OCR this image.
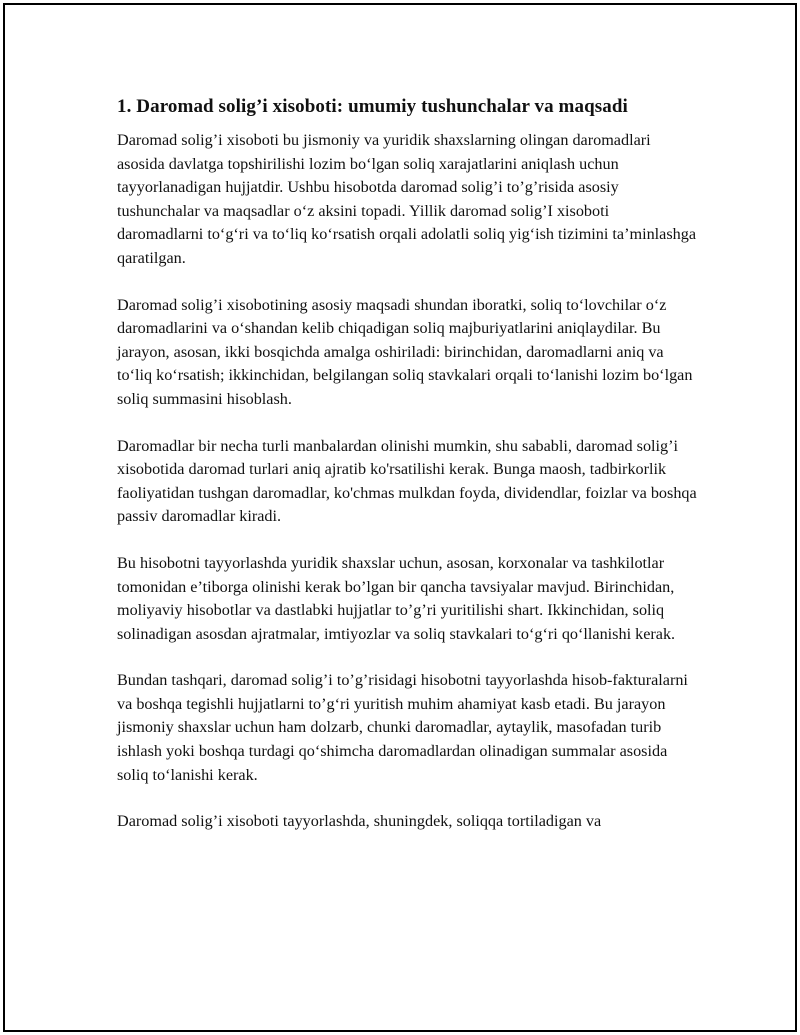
1. Daromad solig’i xisoboti: umumiy tushunchalar va maqsadi

Daromad solig’i xisoboti bu jismoniy va yuridik shaxslarning olingan daromadlari asosida davlatga topshirilishi lozim bo‘lgan soliq xarajatlarini aniqlash uchun tayyorlanadigan hujjatdir. Ushbu hisobotda daromad solig’i to’g’risida asosiy tushunchalar va maqsadlar o‘z aksini topadi. Yillik daromad solig’I xisoboti daromadlarni to‘g‘ri va to‘liq ko‘rsatish orqali adolatli soliq yig‘ish tizimini ta’minlashga qaratilgan.

Daromad solig’i xisobotining asosiy maqsadi shundan iboratki, soliq to‘lovchilar o‘z daromadlarini va o‘shandan kelib chiqadigan soliq majburiyatlarini aniqlaydilar. Bu jarayon, asosan, ikki bosqichda amalga oshiriladi: birinchidan, daromadlarni aniq va to‘liq ko‘rsatish; ikkinchidan, belgilangan soliq stavkalari orqali to‘lanishi lozim bo‘lgan soliq summasini hisoblash.

Daromadlar bir necha turli manbalardan olinishi mumkin, shu sababli, daromad solig’i xisobotida daromad turlari aniq ajratib ko'rsatilishi kerak. Bunga maosh, tadbirkorlik faoliyatidan tushgan daromadlar, ko'chmas mulkdan foyda, dividendlar, foizlar va boshqa passiv daromadlar kiradi.

Bu hisobotni tayyorlashda yuridik shaxslar uchun, asosan, korxonalar va tashkilotlar tomonidan e’tiborga olinishi kerak bo’lgan bir qancha tavsiyalar mavjud. Birinchidan, moliyaviy hisobotlar va dastlabki hujjatlar to’g’ri yuritilishi shart. Ikkinchidan, soliq solinadigan asosdan ajratmalar, imtiyozlar va soliq stavkalari to‘g‘ri qo‘llanishi kerak.

Bundan tashqari, daromad solig’i to’g’risidagi hisobotni tayyorlashda hisob-fakturalarni va boshqa tegishli hujjatlarni to’g‘ri yuritish muhim ahamiyat kasb etadi. Bu jarayon jismoniy shaxslar uchun ham dolzarb, chunki daromadlar, aytaylik, masofadan turib ishlash yoki boshqa turdagi qo‘shimcha daromadlardan olinadigan summalar asosida soliq to‘lanishi kerak.

Daromad solig’i xisoboti tayyorlashda, shuningdek, soliqqa tortiladigan va
